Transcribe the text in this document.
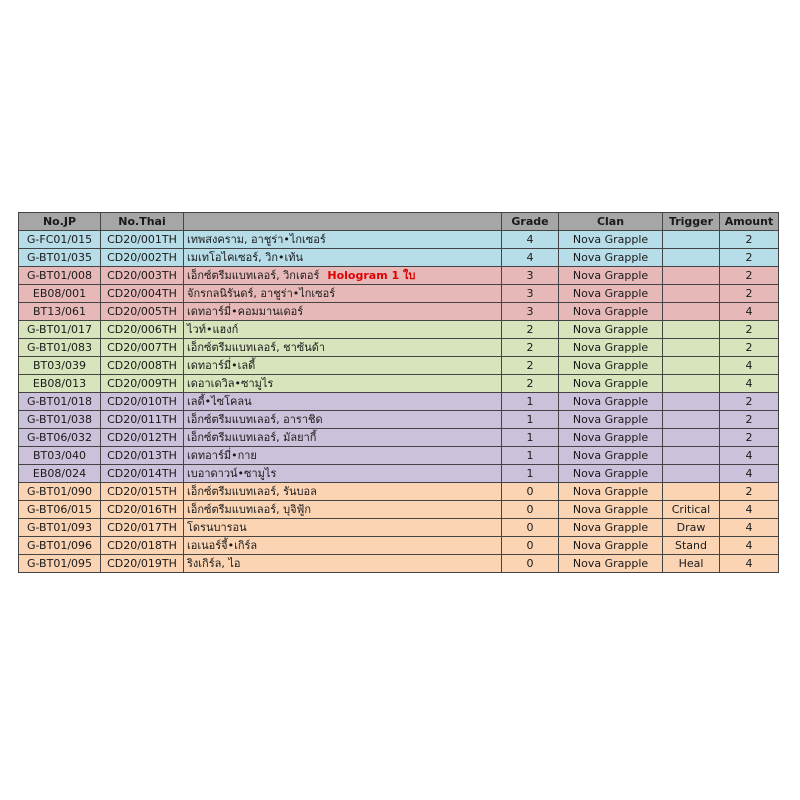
No.JP	No.Thai		Grade	Clan	Trigger	Amount
G-FC01/015	CD20/001TH	เทพสงคราม, อาชูร่า•ไกเซอร์	4	Nova Grapple		2
G-BT01/035	CD20/002TH	เมเทโอไคเซอร์, วิก•เท้น	4	Nova Grapple		2
G-BT01/008	CD20/003TH	เอ็กซ์ตรีมแบทเลอร์, วิกเตอร์ Hologram 1 ใบ	3	Nova Grapple		2
EB08/001	CD20/004TH	จักรกลนิรันดร์, อาชูร่า•ไกเซอร์	3	Nova Grapple		2
BT13/061	CD20/005TH	เดทอาร์มี่•คอมมานเดอร์	3	Nova Grapple		4
G-BT01/017	CD20/006TH	ไวท์•แฮงก์	2	Nova Grapple		2
G-BT01/083	CD20/007TH	เอ็กซ์ตรีมแบทเลอร์, ชาซ้นด้า	2	Nova Grapple		2
BT03/039	CD20/008TH	เดทอาร์มี่•เลดี้	2	Nova Grapple		4
EB08/013	CD20/009TH	เดอาเดวิล•ซามูไร	2	Nova Grapple		4
G-BT01/018	CD20/010TH	เลดี้•ไซโคลน	1	Nova Grapple		2
G-BT01/038	CD20/011TH	เอ็กซ์ตรีมแบทเลอร์, อาราชิด	1	Nova Grapple		2
G-BT06/032	CD20/012TH	เอ็กซ์ตรีมแบทเลอร์, มัลยากี้	1	Nova Grapple		2
BT03/040	CD20/013TH	เดทอาร์มี่•กาย	1	Nova Grapple		4
EB08/024	CD20/014TH	เบอาดาวน์•ซามูไร	1	Nova Grapple		4
G-BT01/090	CD20/015TH	เอ็กซ์ตรีมแบทเลอร์, รันบอล	0	Nova Grapple		2
G-BT06/015	CD20/016TH	เอ็กซ์ตรีมแบทเลอร์, บุจิฟู้ก	0	Nova Grapple	Critical	4
G-BT01/093	CD20/017TH	โดรนบารอน	0	Nova Grapple	Draw	4
G-BT01/096	CD20/018TH	เอเนอร์จี้•เกิร์ล	0	Nova Grapple	Stand	4
G-BT01/095	CD20/019TH	ริงเกิร์ล, ไอ	0	Nova Grapple	Heal	4
